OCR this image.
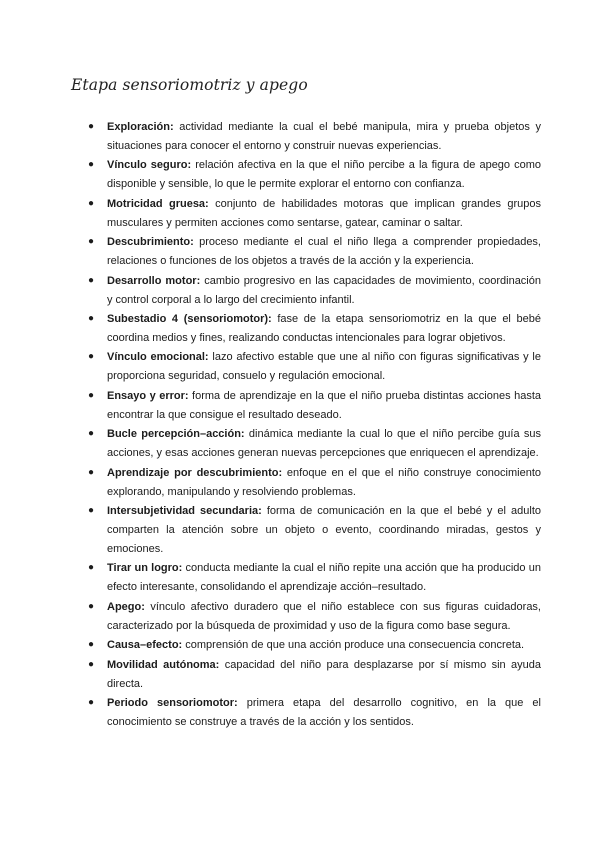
Etapa sensoriomotriz y apego
● Exploración: actividad mediante la cual el bebé manipula, mira y prueba objetos y situaciones para conocer el entorno y construir nuevas experiencias.
● Vínculo seguro: relación afectiva en la que el niño percibe a la figura de apego como disponible y sensible, lo que le permite explorar el entorno con confianza.
● Motricidad gruesa: conjunto de habilidades motoras que implican grandes grupos musculares y permiten acciones como sentarse, gatear, caminar o saltar.
● Descubrimiento: proceso mediante el cual el niño llega a comprender propiedades, relaciones o funciones de los objetos a través de la acción y la experiencia.
● Desarrollo motor: cambio progresivo en las capacidades de movimiento, coordinación y control corporal a lo largo del crecimiento infantil.
● Subestadio 4 (sensoriomotor): fase de la etapa sensoriomotriz en la que el bebé coordina medios y fines, realizando conductas intencionales para lograr objetivos.
● Vínculo emocional: lazo afectivo estable que une al niño con figuras significativas y le proporciona seguridad, consuelo y regulación emocional.
● Ensayo y error: forma de aprendizaje en la que el niño prueba distintas acciones hasta encontrar la que consigue el resultado deseado.
● Bucle percepción–acción: dinámica mediante la cual lo que el niño percibe guía sus acciones, y esas acciones generan nuevas percepciones que enriquecen el aprendizaje.
● Aprendizaje por descubrimiento: enfoque en el que el niño construye conocimiento explorando, manipulando y resolviendo problemas.
● Intersubjetividad secundaria: forma de comunicación en la que el bebé y el adulto comparten la atención sobre un objeto o evento, coordinando miradas, gestos y emociones.
● Tirar un logro: conducta mediante la cual el niño repite una acción que ha producido un efecto interesante, consolidando el aprendizaje acción–resultado.
● Apego: vínculo afectivo duradero que el niño establece con sus figuras cuidadoras, caracterizado por la búsqueda de proximidad y uso de la figura como base segura.
● Causa–efecto: comprensión de que una acción produce una consecuencia concreta.
● Movilidad autónoma: capacidad del niño para desplazarse por sí mismo sin ayuda directa.
● Periodo sensoriomotor: primera etapa del desarrollo cognitivo, en la que el conocimiento se construye a través de la acción y los sentidos.
